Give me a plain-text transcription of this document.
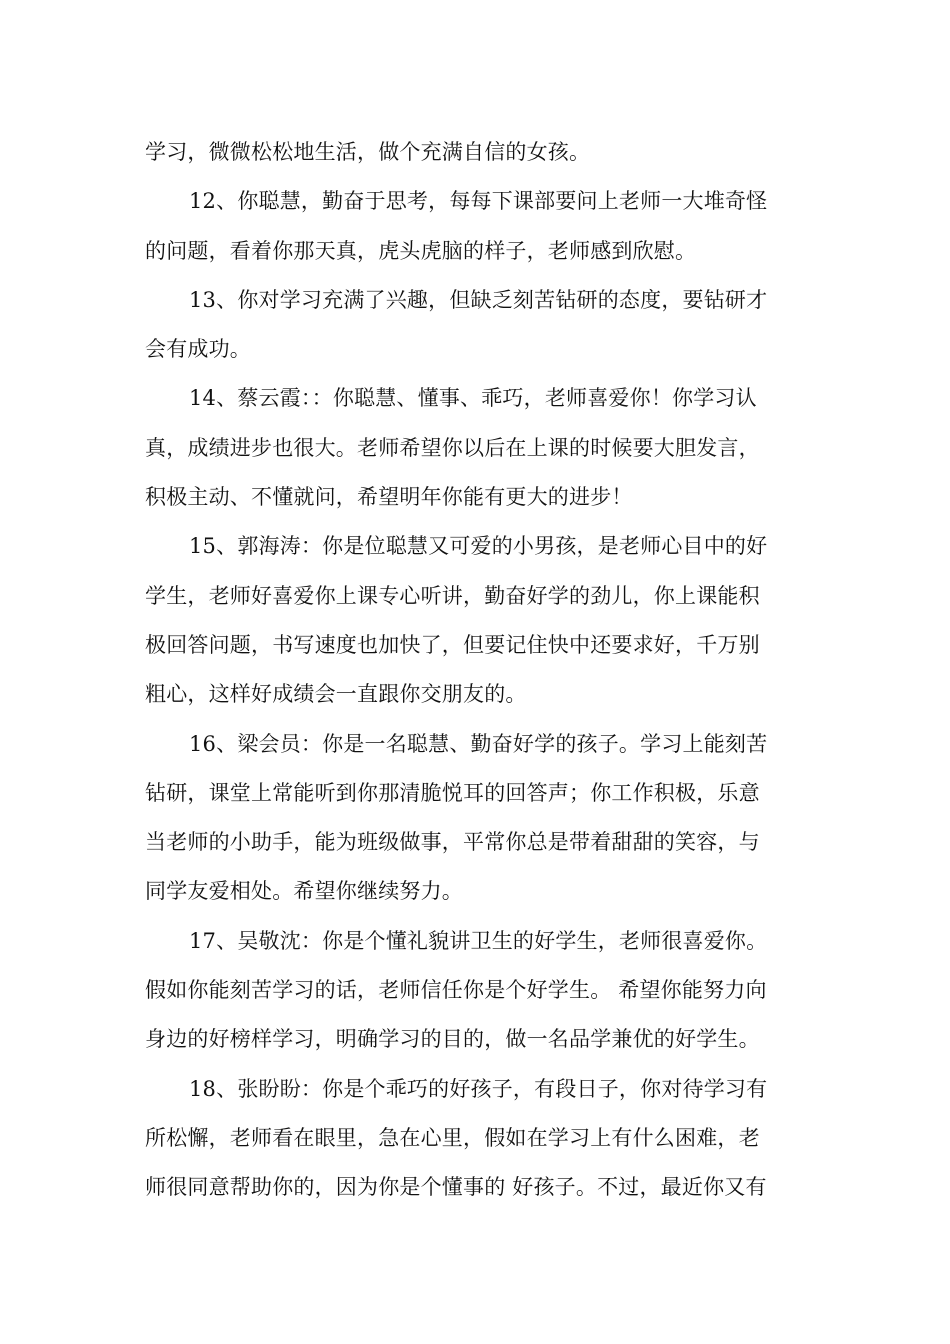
学习，微微松松地生活，做个充满自信的女孩。
12、你聪慧，勤奋于思考，每每下课部要问上老师一大堆奇怪
的问题，看着你那天真，虎头虎脑的样子，老师感到欣慰。
13、你对学习充满了兴趣，但缺乏刻苦钻研的态度，要钻研才
会有成功。
14、蔡云霞：：你聪慧、懂事、乖巧，老师喜爱你！你学习认
真，成绩进步也很大。老师希望你以后在上课的时候要大胆发言，
积极主动、不懂就问，希望明年你能有更大的进步！
15、郭海涛：你是位聪慧又可爱的小男孩，是老师心目中的好
学生，老师好喜爱你上课专心听讲，勤奋好学的劲儿，你上课能积
极回答问题，书写速度也加快了，但要记住快中还要求好，千万别
粗心，这样好成绩会一直跟你交朋友的。
16、梁会员：你是一名聪慧、勤奋好学的孩子。学习上能刻苦
钻研，课堂上常能听到你那清脆悦耳的回答声；你工作积极，乐意
当老师的小助手，能为班级做事，平常你总是带着甜甜的笑容，与
同学友爱相处。希望你继续努力。
17、吴敬沈：你是个懂礼貌讲卫生的好学生，老师很喜爱你。
假如你能刻苦学习的话，老师信任你是个好学生。 希望你能努力向
身边的好榜样学习，明确学习的目的，做一名品学兼优的好学生。
18、张盼盼：你是个乖巧的好孩子，有段日子，你对待学习有
所松懈，老师看在眼里，急在心里，假如在学习上有什么困难，老
师很同意帮助你的，因为你是个懂事的 好孩子。不过，最近你又有
